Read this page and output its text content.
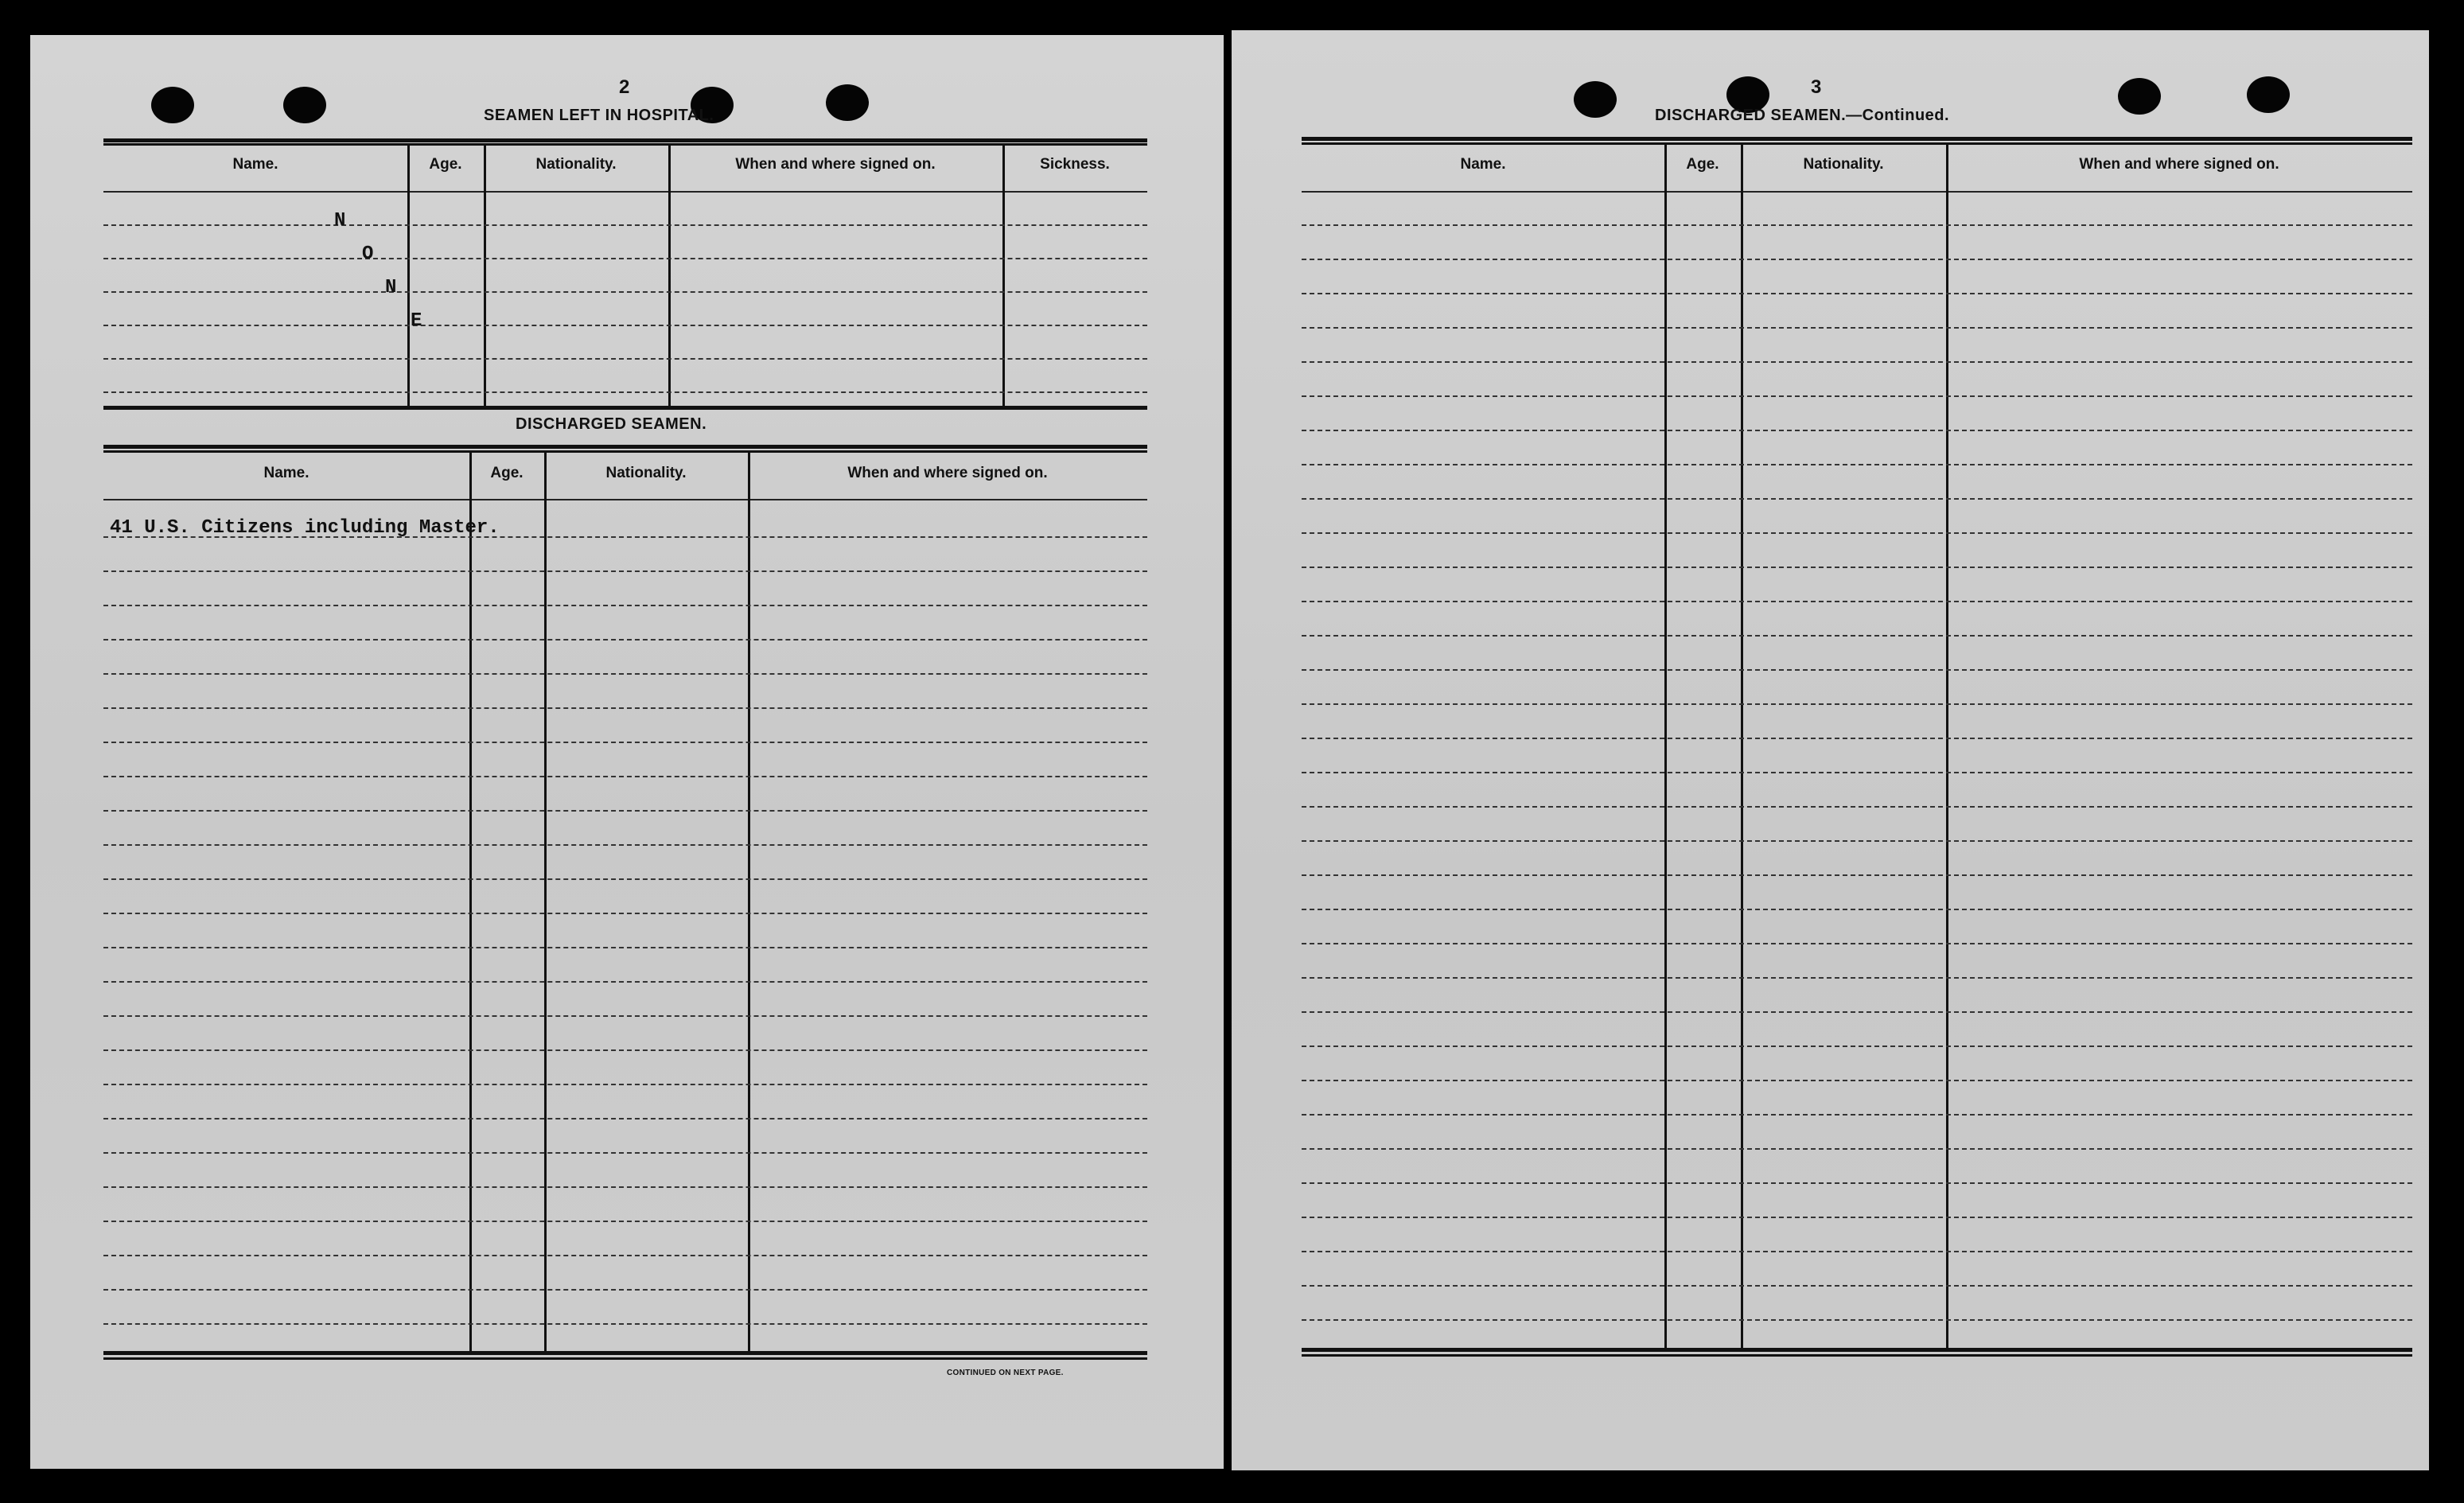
2
SEAMEN LEFT IN HOSPITAL.
Name.	Age.	Nationality.	When and where signed on.	Sickness.
N
O
N
E
DISCHARGED SEAMEN.
Name.	Age.	Nationality.	When and where signed on.
41 U.S. Citizens including Master.
CONTINUED ON NEXT PAGE.
3
DISCHARGED SEAMEN.—Continued.
Name.	Age.	Nationality.	When and where signed on.
